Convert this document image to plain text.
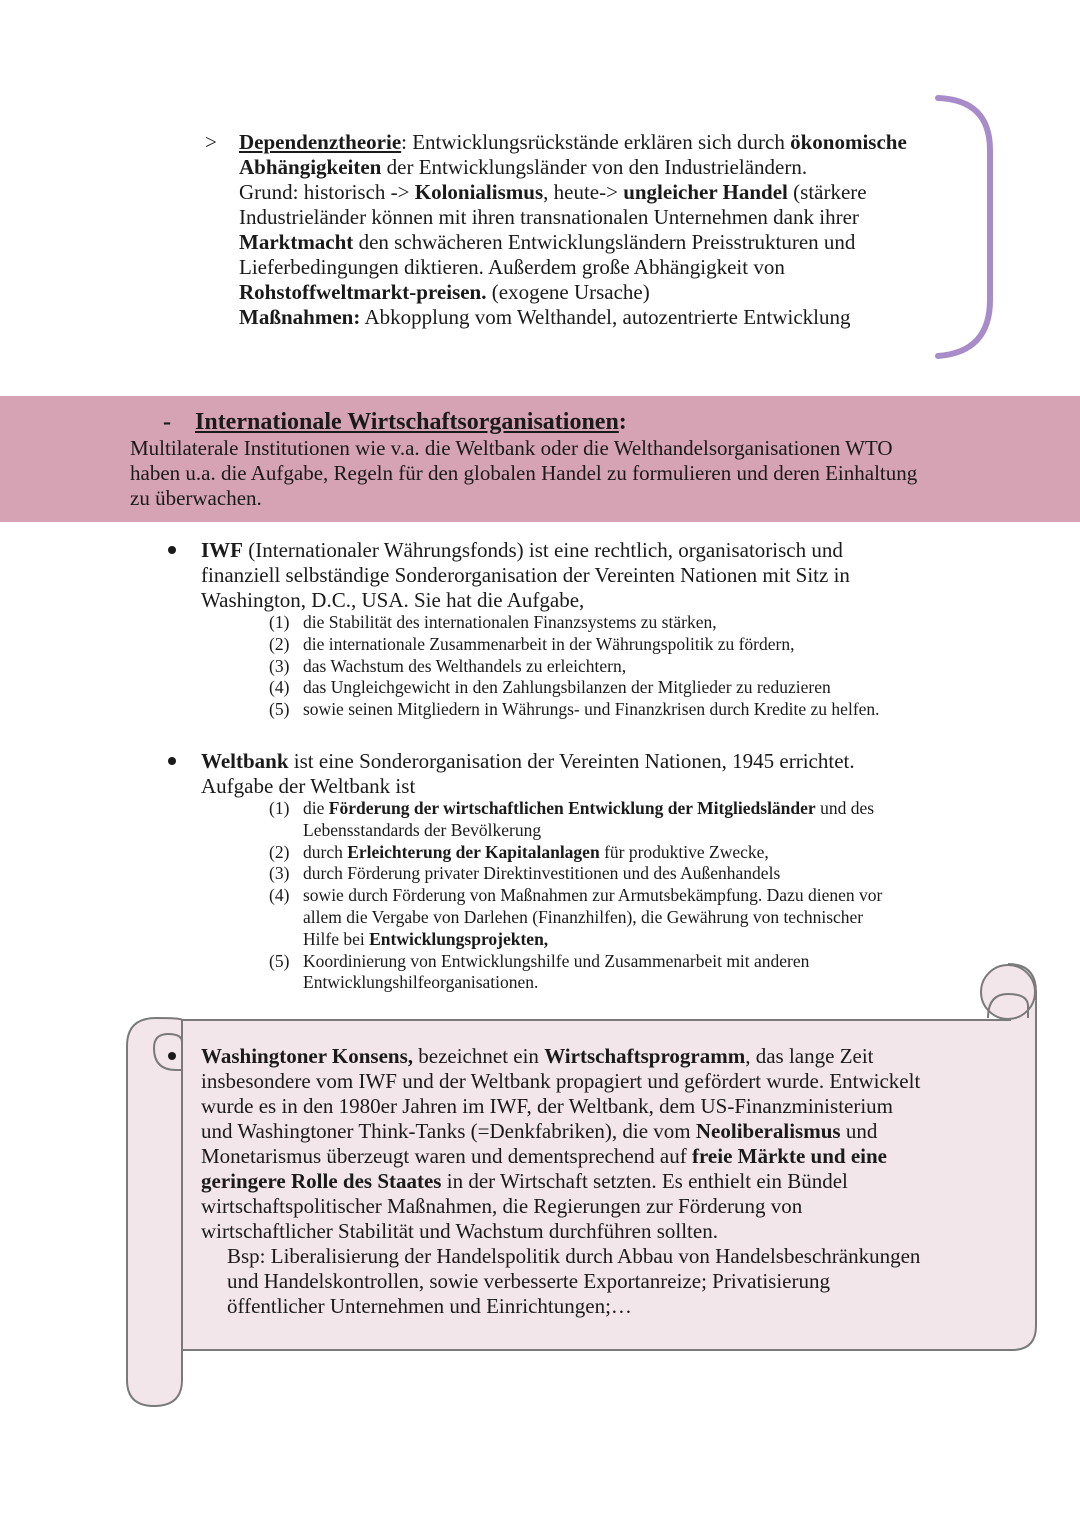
> Dependenztheorie: Entwicklungsrückstände erklären sich durch ökonomische
Abhängigkeiten der Entwicklungsländer von den Industrieländern.
Grund: historisch -> Kolonialismus, heute-> ungleicher Handel (stärkere
Industrieländer können mit ihren transnationalen Unternehmen dank ihrer
Marktmacht den schwächeren Entwicklungsländern Preisstrukturen und
Lieferbedingungen diktieren. Außerdem große Abhängigkeit von
Rohstoffweltmarkt-preisen. (exogene Ursache)
Maßnahmen: Abkopplung vom Welthandel, autozentrierte Entwicklung
- Internationale Wirtschaftsorganisationen:
Multilaterale Institutionen wie v.a. die Weltbank oder die Welthandelsorganisationen WTO
haben u.a. die Aufgabe, Regeln für den globalen Handel zu formulieren und deren Einhaltung
zu überwachen.
IWF (Internationaler Währungsfonds) ist eine rechtlich, organisatorisch und
finanziell selbständige Sonderorganisation der Vereinten Nationen mit Sitz in
Washington, D.C., USA. Sie hat die Aufgabe,
(1) die Stabilität des internationalen Finanzsystems zu stärken,
(2) die internationale Zusammenarbeit in der Währungspolitik zu fördern,
(3) das Wachstum des Welthandels zu erleichtern,
(4) das Ungleichgewicht in den Zahlungsbilanzen der Mitglieder zu reduzieren
(5) sowie seinen Mitgliedern in Währungs- und Finanzkrisen durch Kredite zu helfen.
Weltbank ist eine Sonderorganisation der Vereinten Nationen, 1945 errichtet.
Aufgabe der Weltbank ist
(1) die Förderung der wirtschaftlichen Entwicklung der Mitgliedsländer und des
Lebensstandards der Bevölkerung
(2) durch Erleichterung der Kapitalanlagen für produktive Zwecke,
(3) durch Förderung privater Direktinvestitionen und des Außenhandels
(4) sowie durch Förderung von Maßnahmen zur Armutsbekämpfung. Dazu dienen vor
allem die Vergabe von Darlehen (Finanzhilfen), die Gewährung von technischer
Hilfe bei Entwicklungsprojekten,
(5) Koordinierung von Entwicklungshilfe und Zusammenarbeit mit anderen
Entwicklungshilfeorganisationen.
Washingtoner Konsens, bezeichnet ein Wirtschaftsprogramm, das lange Zeit
insbesondere vom IWF und der Weltbank propagiert und gefördert wurde. Entwickelt
wurde es in den 1980er Jahren im IWF, der Weltbank, dem US-Finanzministerium
und Washingtoner Think-Tanks (=Denkfabriken), die vom Neoliberalismus und
Monetarismus überzeugt waren und dementsprechend auf freie Märkte und eine
geringere Rolle des Staates in der Wirtschaft setzten. Es enthielt ein Bündel
wirtschaftspolitischer Maßnahmen, die Regierungen zur Förderung von
wirtschaftlicher Stabilität und Wachstum durchführen sollten.
Bsp: Liberalisierung der Handelspolitik durch Abbau von Handelsbeschränkungen
und Handelskontrollen, sowie verbesserte Exportanreize; Privatisierung
öffentlicher Unternehmen und Einrichtungen;…
